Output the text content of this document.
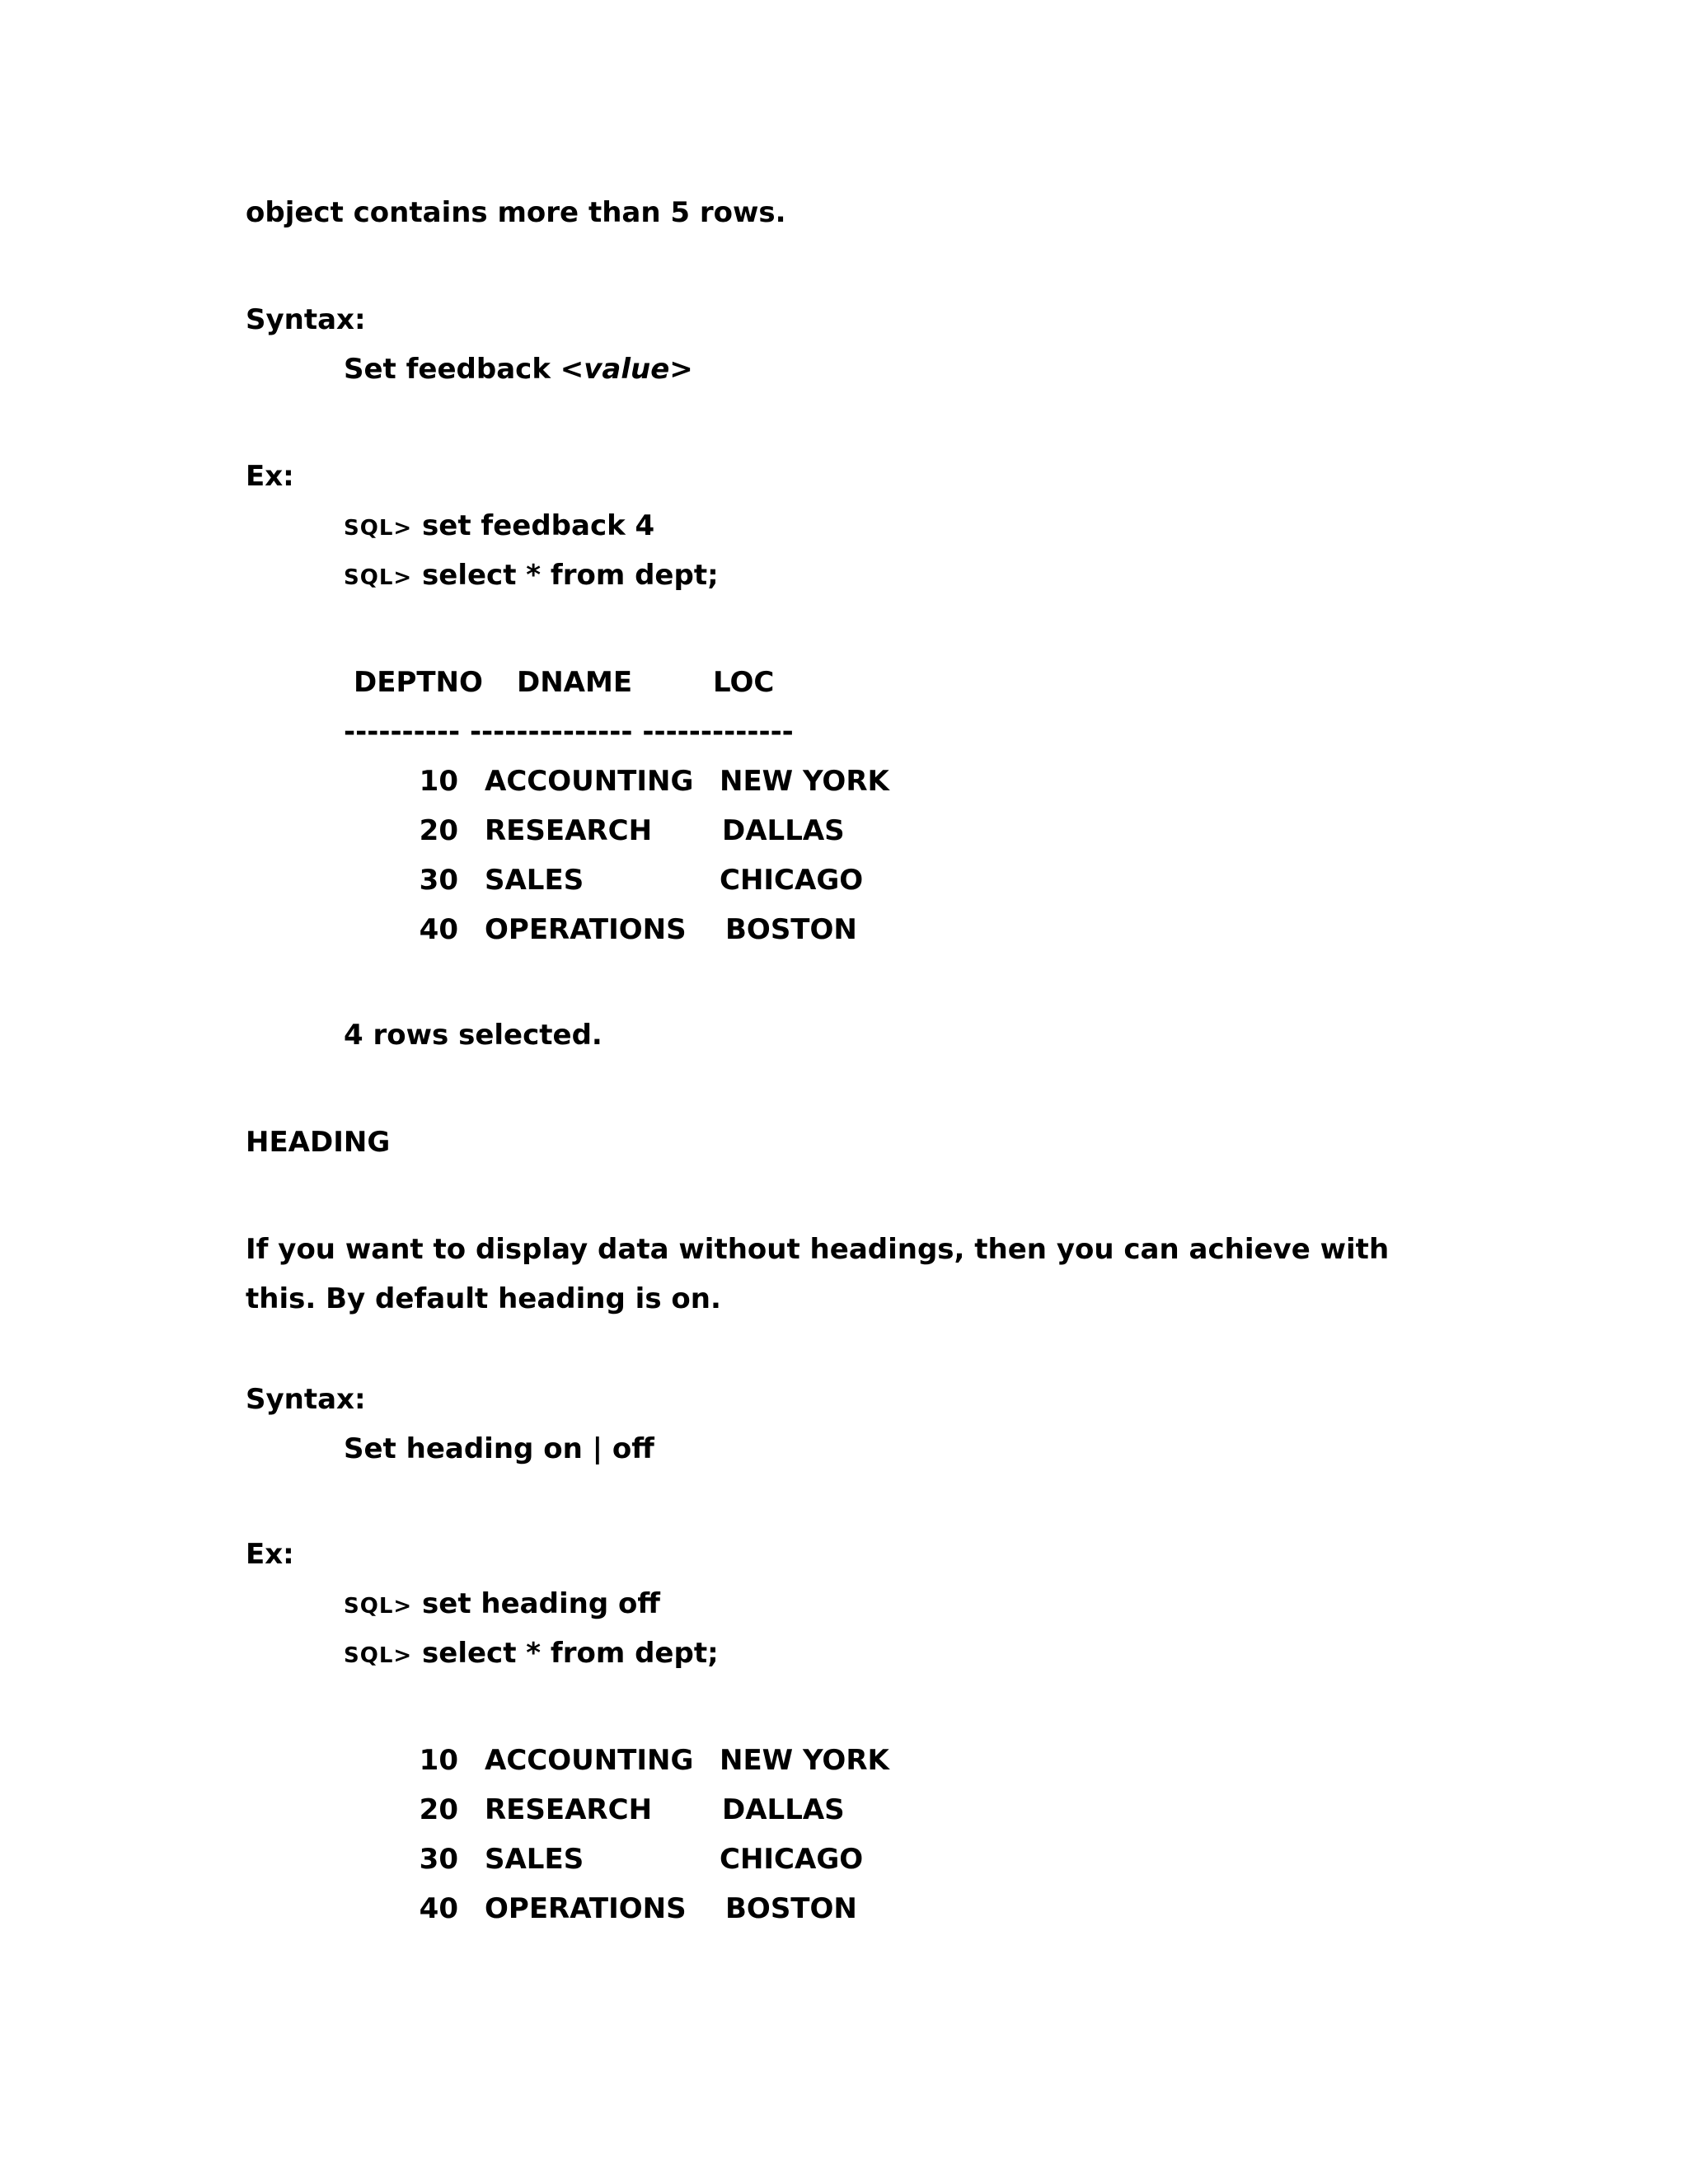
object contains more than 5 rows.

Syntax:

Set feedback <value>

Ex:

SQL> set feedback 4

SQL> select * from dept;

DEPTNO DNAME	LOC
---------- -------------- -------------
10 ACCOUNTING NEW YORK
20 RESEARCH DALLAS
30 SALES	CHICAGO
40 OPERATIONS BOSTON

4 rows selected.

HEADING

If you want to display data without headings, then you can achieve with

this. By default heading is on.

Syntax:

Set heading on | off

Ex:

SQL> set heading off

SQL> select * from dept;

10 ACCOUNTING NEW YORK
20 RESEARCH DALLAS
30 SALES	CHICAGO
40 OPERATIONS BOSTON
